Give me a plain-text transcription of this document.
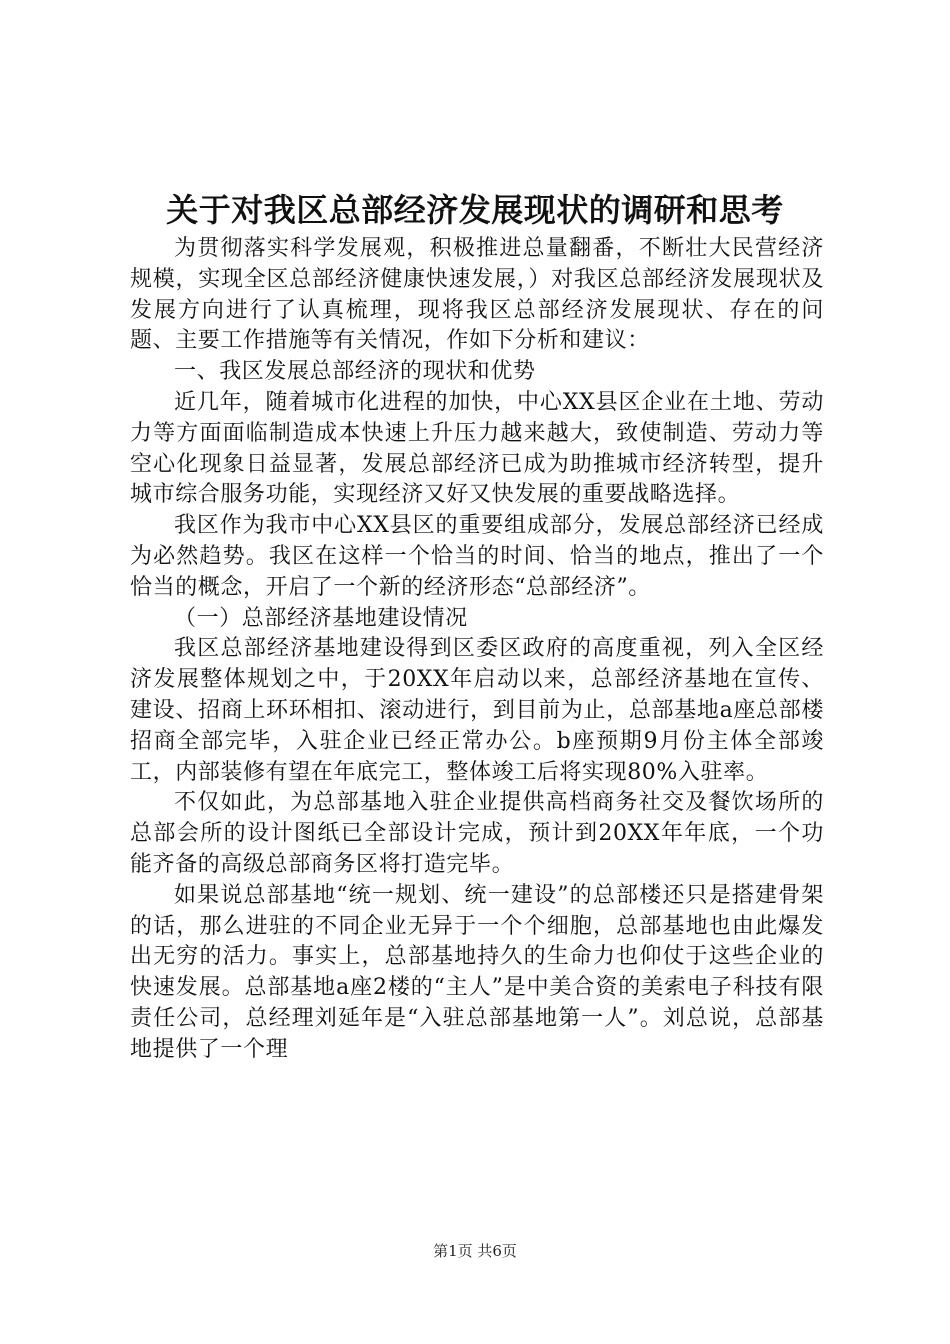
关于对我区总部经济发展现状的调研和思考

为贯彻落实科学发展观，积极推进总量翻番，不断壮大民营经济规模，实现全区总部经济健康快速发展，）对我区总部经济发展现状及发展方向进行了认真梳理，现将我区总部经济发展现状、存在的问题、主要工作措施等有关情况，作如下分析和建议：

一、我区发展总部经济的现状和优势

近几年，随着城市化进程的加快，中心XX县区企业在土地、劳动力等方面面临制造成本快速上升压力越来越大，致使制造、劳动力等空心化现象日益显著，发展总部经济已成为助推城市经济转型，提升城市综合服务功能，实现经济又好又快发展的重要战略选择。

我区作为我市中心XX县区的重要组成部分，发展总部经济已经成为必然趋势。我区在这样一个恰当的时间、恰当的地点，推出了一个恰当的概念，开启了一个新的经济形态“总部经济”。

（一）总部经济基地建设情况

我区总部经济基地建设得到区委区政府的高度重视，列入全区经济发展整体规划之中，于20XX年启动以来，总部经济基地在宣传、建设、招商上环环相扣、滚动进行，到目前为止，总部基地a座总部楼招商全部完毕，入驻企业已经正常办公。b座预期9月份主体全部竣工，内部装修有望在年底完工，整体竣工后将实现80%入驻率。

不仅如此，为总部基地入驻企业提供高档商务社交及餐饮场所的总部会所的设计图纸已全部设计完成，预计到20XX年年底，一个功能齐备的高级总部商务区将打造完毕。

如果说总部基地“统一规划、统一建设”的总部楼还只是搭建骨架的话，那么进驻的不同企业无异于一个个细胞，总部基地也由此爆发出无穷的活力。事实上，总部基地持久的生命力也仰仗于这些企业的快速发展。总部基地a座2楼的“主人”是中美合资的美索电子科技有限责任公司，总经理刘延年是“入驻总部基地第一人”。刘总说，总部基地提供了一个理

第1页 共6页
